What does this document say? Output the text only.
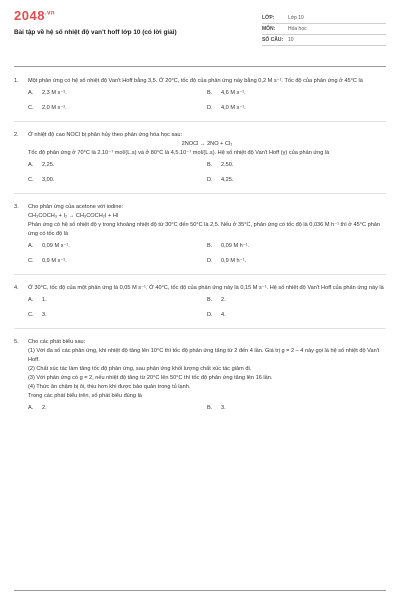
$2048^{.vn}$
Bài tập về hệ số nhiệt độ van't hoff lớp 10 (có lời giải)
LỚP:	Lớp 10
MÔN:	Hóa học
SỐ CÂU: 10
1.	Một phản ứng có hệ số nhiệt độ Van't Hoff bằng 3,5. Ở 20°C, tốc độ của phản ứng này bằng 0,2 M s⁻¹. Tốc độ của phản ứng ở 45°C là
A.	2,3 M s⁻¹.	B.	4,6 M s⁻¹.
C.	2,0 M s⁻¹.	D.	4,0 M s⁻¹.
2.	Ở nhiệt độ cao NOCl bị phân hủy theo phản ứng hóa học sau:
2NOCl → 2NO + Cl₂
Tốc độ phản ứng ở 70°C là 2.10⁻⁷ mol/(L.s) và ở 80°C là 4,5.10⁻⁷ mol/(L.s). Hệ số nhiệt độ Van't Hoff (γ) của phản ứng là
A.	2,25.	B.	2,50.
C.	3,00.	D.	4,25.
3.	Cho phản ứng của acetone với iodine:
CH₃COCH₃ + I₂ → CH₃COCH₂I + HI
Phản ứng có hệ số nhiệt độ γ trong khoảng nhiệt độ từ 30°C đến 50°C là 2,5. Nếu ở 35°C, phản ứng có tốc độ là 0,036 M h⁻¹ thì ở 45°C phản ứng có tốc độ là
A.	0,09 M s⁻¹.	B.	0,09 M h⁻¹.
C.	0,9 M s⁻¹.	D.	0,9 M h⁻¹.
4.	Ở 30°C, tốc độ của một phản ứng là 0,05 M s⁻¹. Ở 40°C, tốc độ của phản ứng này là 0,15 M s⁻¹. Hệ số nhiệt độ Van't Hoff của phản ứng này là
A.	1.	B.	2.
C.	3.	D.	4.
5.	Cho các phát biểu sau:
(1) Với đa số các phản ứng, khi nhiệt độ tăng lên 10°C thì tốc độ phản ứng tăng từ 2 đến 4 lần. Giá trị g = 2 – 4 này gọi là hệ số nhiệt độ Van't Hoff.
(2) Chất xúc tác làm tăng tốc độ phản ứng, sau phản ứng khối lượng chất xúc tác giảm đi.
(3) Với phản ứng có g = 2, nếu nhiệt độ tăng từ 20°C lên 50°C thì tốc độ phản ứng tăng lên 16 lần.
(4) Thức ăn chậm bị ôi, thiu hơn khi được bảo quản trong tủ lạnh.
Trong các phát biểu trên, số phát biểu đúng là
A.	2.	B.	3.
